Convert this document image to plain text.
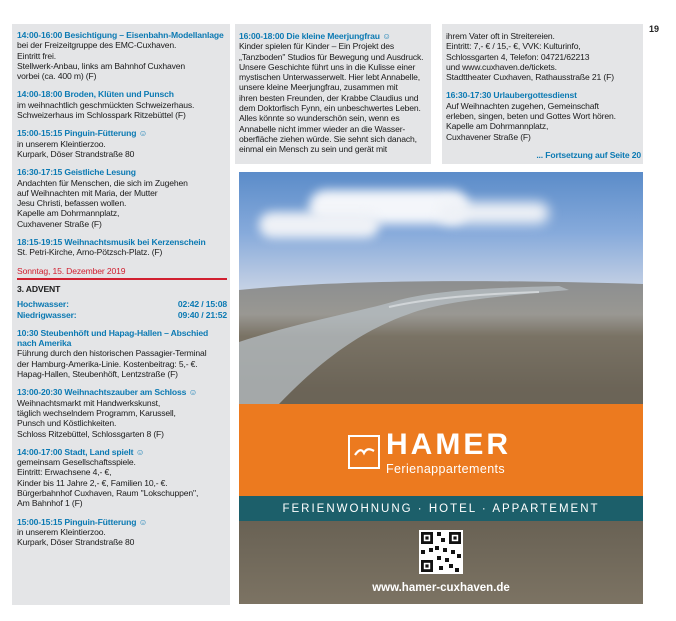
19
14:00-16:00 Besichtigung – Eisenbahn-Modellanlage
bei der Freizeitgruppe des EMC-Cuxhaven.
Eintritt frei.
Stellwerk-Anbau, links am Bahnhof Cuxhaven
vorbei (ca. 400 m) (F)
14:00-18:00 Broden, Klüten und Punsch
im weihnachtlich geschmückten Schweizerhaus.
Schweizerhaus im Schlosspark Ritzebüttel (F)
15:00-15:15 Pinguin-Fütterung ☺
in unserem Kleintierzoo.
Kurpark, Döser Strandstraße 80
16:30-17:15 Geistliche Lesung
Andachten für Menschen, die sich im Zugehen
auf Weihnachten mit Maria, der Mutter
Jesu Christi, befassen wollen.
Kapelle am Dohrmannplatz,
Cuxhavener Straße (F)
18:15-19:15 Weihnachtsmusik bei Kerzenschein
St. Petri-Kirche, Arno-Pötzsch-Platz. (F)
Sonntag, 15. Dezember 2019
3. ADVENT
Hochwasser:	02:42 / 15:08
Niedrigwasser:	09:40 / 21:52
10:30 Steubenhöft und Hapag-Hallen – Abschied nach Amerika
Führung durch den historischen Passagier-Terminal
der Hamburg-Amerika-Linie. Kostenbeitrag: 5,- €.
Hapag-Hallen, Steubenhöft, Lentzstraße (F)
13:00-20:30 Weihnachtszauber am Schloss ☺
Weihnachtsmarkt mit Handwerkskunst,
täglich wechselndem Programm, Karussell,
Punsch und Köstlichkeiten.
Schloss Ritzebüttel, Schlossgarten 8 (F)
14:00-17:00 Stadt, Land spielt ☺
gemeinsam Gesellschaftsspiele.
Eintritt: Erwachsene 4,- €,
Kinder bis 11 Jahre 2,- €, Familien 10,- €.
Bürgerbahnhof Cuxhaven, Raum "Lokschuppen",
Am Bahnhof 1 (F)
15:00-15:15 Pinguin-Fütterung ☺
in unserem Kleintierzoo.
Kurpark, Döser Strandstraße 80
16:00-18:00 Die kleine Meerjungfrau ☺
Kinder spielen für Kinder – Ein Projekt des
„Tanzboden" Studios für Bewegung und Ausdruck.
Unsere Geschichte führt uns in die Kulisse einer
mystischen Unterwasserwelt. Hier lebt Annabelle,
unsere kleine Meerjungfrau, zusammen mit
ihren besten Freunden, der Krabbe Claudius und
dem Doktorfisch Fynn, ein unbeschwertes Leben.
Alles könnte so wunderschön sein, wenn es
Annabelle nicht immer wieder an die Wasser-
oberfläche ziehen würde. Sie sehnt sich danach,
einmal ein Mensch zu sein und gerät mit
ihrem Vater oft in Streitereien.
Eintritt: 7,- € / 15,- €, VVK: Kulturinfo,
Schlossgarten 4, Telefon: 04721/62213
und www.cuxhaven.de/tickets.
Stadttheater Cuxhaven, Rathausstraße 21 (F)
16:30-17:30 Urlaubergottesdienst
Auf Weihnachten zugehen, Gemeinschaft
erleben, singen, beten und Gottes Wort hören.
Kapelle am Dohrmannplatz,
Cuxhavener Straße (F)
... Fortsetzung auf Seite 20
HAMER
Ferienappartements
FERIENWOHNUNG · HOTEL · APPARTEMENT
www.hamer-cuxhaven.de
